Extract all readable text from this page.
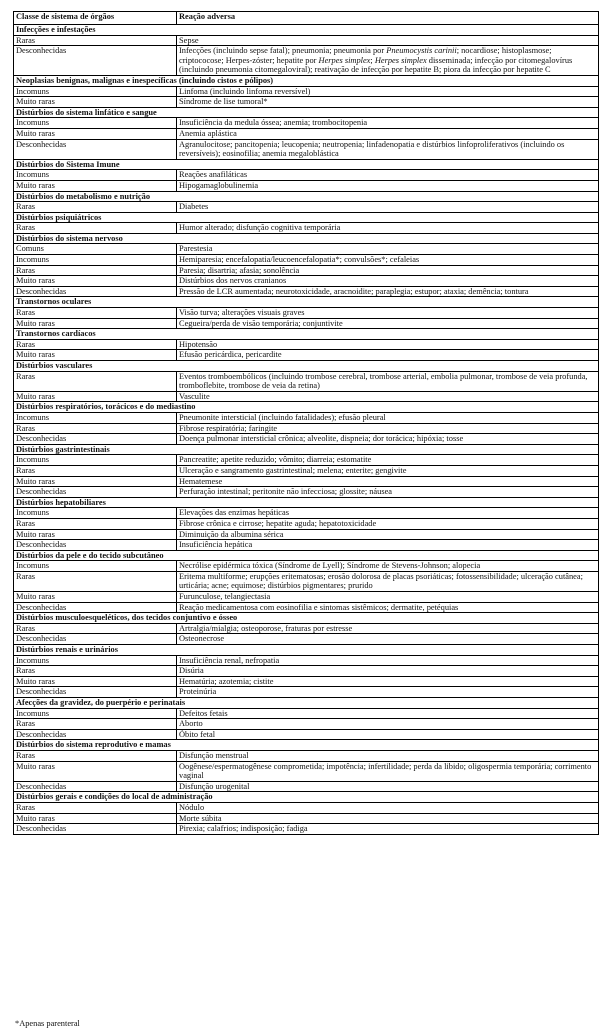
Classe de sistema de órgãos	Reação adversa
Infecções e infestações	
Raras	Sepse
Desconhecidas	Infecções (incluindo sepse fatal); pneumonia; pneumonia por Pneumocystis carinii; nocardiose; histoplasmose; criptococose; Herpes-zóster; hepatite por Herpes simplex; Herpes simplex disseminada; infecção por citomegalovírus (incluindo pneumonia citomegaloviral); reativação de infecção por hepatite B; piora da infecção por hepatite C
Neoplasias benignas, malignas e inespecíficas (incluindo cistos e pólipos)	
Incomuns	Linfoma (incluindo linfoma reversível)
Muito raras	Síndrome de lise tumoral*
Distúrbios do sistema linfático e sangue	
Incomuns	Insuficiência da medula óssea; anemia; trombocitopenia
Muito raras	Anemia aplástica
Desconhecidas	Agranulocitose; pancitopenia; leucopenia; neutropenia; linfadenopatia e distúrbios linfoproliferativos (incluindo os reversíveis); eosinofilia; anemia megaloblástica
Distúrbios do Sistema Imune	
Incomuns	Reações anafiláticas
Muito raras	Hipogamaglobulinemia
Distúrbios do metabolismo e nutrição	
Raras	Diabetes
Distúrbios psiquiátricos	
Raras	Humor alterado; disfunção cognitiva temporária
Distúrbios do sistema nervoso	
Comuns	Parestesia
Incomuns	Hemiparesia; encefalopatia/leucoencefalopatia*; convulsões*; cefaleias
Raras	Paresia; disartria; afasia; sonolência
Muito raras	Distúrbios dos nervos cranianos
Desconhecidas	Pressão de LCR aumentada; neurotoxicidade, aracnoidite; paraplegia; estupor; ataxia; demência; tontura
Transtornos oculares	
Raras	Visão turva; alterações visuais graves
Muito raras	Cegueira/perda de visão temporária; conjuntivite
Transtornos cardíacos	
Raras	Hipotensão
Muito raras	Efusão pericárdica, pericardite
Distúrbios vasculares	
Raras	Eventos tromboembólicos (incluindo trombose cerebral, trombose arterial, embolia pulmonar, trombose de veia profunda, tromboflebite, trombose de veia da retina)
Muito raras	Vasculite
Distúrbios respiratórios, torácicos e do mediastino	
Incomuns	Pneumonite intersticial (incluindo fatalidades); efusão pleural
Raras	Fibrose respiratória; faringite
Desconhecidas	Doença pulmonar intersticial crônica; alveolite, dispneia; dor torácica; hipóxia; tosse
Distúrbios gastrintestinais	
Incomuns	Pancreatite; apetite reduzido; vômito; diarreia; estomatite
Raras	Ulceração e sangramento gastrintestinal; melena; enterite; gengivite
Muito raras	Hematemese
Desconhecidas	Perfuração intestinal; peritonite não infecciosa; glossite; náusea
Distúrbios hepatobiliares	
Incomuns	Elevações das enzimas hepáticas
Raras	Fibrose crônica e cirrose; hepatite aguda; hepatotoxicidade
Muito raras	Diminuição da albumina sérica
Desconhecidas	Insuficiência hepática
Distúrbios da pele e do tecido subcutâneo	
Incomuns	Necrólise epidérmica tóxica (Síndrome de Lyell); Síndrome de Stevens-Johnson; alopecia
Raras	Eritema multiforme; erupções eritematosas; erosão dolorosa de placas psoriáticas; fotossensibilidade; ulceração cutânea; urticária; acne; equimose; distúrbios pigmentares; prurido
Muito raras	Furunculose, telangiectasia
Desconhecidas	Reação medicamentosa com eosinofilia e sintomas sistêmicos; dermatite, petéquias
Distúrbios musculoesqueléticos, dos tecidos conjuntivo e ósseo	
Raras	Artralgia/mialgia; osteoporose, fraturas por estresse
Desconhecidas	Osteonecrose
Distúrbios renais e urinários	
Incomuns	Insuficiência renal, nefropatia
Raras	Disúria
Muito raras	Hematúria; azotemia; cistite
Desconhecidas	Proteinúria
Afecções da gravidez, do puerpério e perinatais	
Incomuns	Defeitos fetais
Raras	Aborto
Desconhecidas	Óbito fetal
Distúrbios do sistema reprodutivo e mamas	
Raras	Disfunção menstrual
Muito raras	Oogênese/espermatogênese comprometida; impotência; infertilidade; perda da libido; oligospermia temporária; corrimento vaginal
Desconhecidas	Disfunção urogenital
Distúrbios gerais e condições do local de administração	
Raras	Nódulo
Muito raras	Morte súbita
Desconhecidas	Pirexia; calafrios; indisposição; fadiga
*Apenas parenteral
